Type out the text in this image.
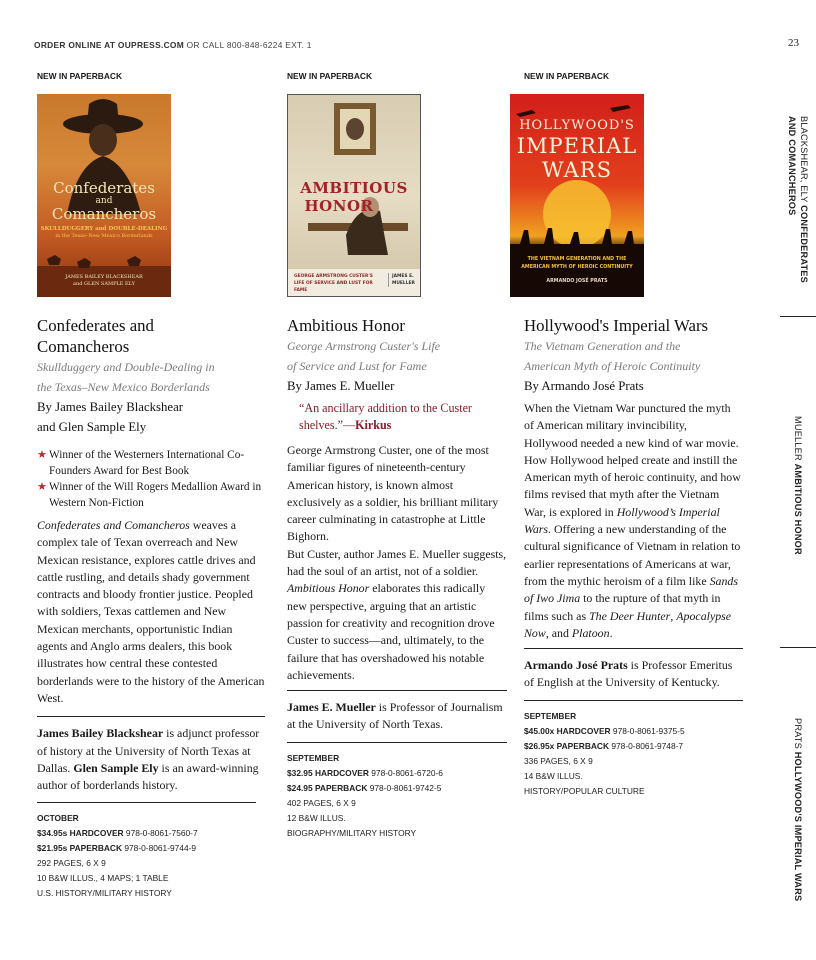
ORDER ONLINE AT OUPRESS.COM OR CALL 800-848-6224 EXT. 1	23
NEW IN PAPERBACK
Confederates
and
Comancheros
SKULLDUGGERY and DOUBLE-DEALING
in the Texas–New Mexico Borderlands
JAMES BAILEY BLACKSHEAR
and GLEN SAMPLE ELY
Confederates and
Comancheros
Skullduggery and Double-Dealing in
the Texas–New Mexico Borderlands
By James Bailey Blackshear
and Glen Sample Ely
★ Winner of the Westerners International Co-Founders Award for Best Book
★ Winner of the Will Rogers Medallion Award in Western Non-Fiction
Confederates and Comancheros weaves a complex tale of Texan overreach and New Mexican resistance, explores cattle drives and cattle rustling, and details shady government contracts and bloody frontier justice. Peopled with soldiers, Texas cattlemen and New Mexican merchants, opportunistic Indian agents and Anglo arms dealers, this book illustrates how central these contested borderlands were to the history of the American West.
James Bailey Blackshear is adjunct professor of history at the University of North Texas at Dallas. Glen Sample Ely is an award-winning author of borderlands history.
OCTOBER
$34.95s HARDCOVER 978-0-8061-7560-7
$21.95s PAPERBACK 978-0-8061-9744-9
292 PAGES, 6 X 9
10 B&W ILLUS., 4 MAPS; 1 TABLE
U.S. HISTORY/MILITARY HISTORY
NEW IN PAPERBACK
AMBITIOUS
HONOR
GEORGE ARMSTRONG CUSTER'S
LIFE OF SERVICE AND LUST FOR FAME
JAMES E.
MUELLER
Ambitious Honor
George Armstrong Custer's Life
of Service and Lust for Fame
By James E. Mueller
“An ancillary addition to the Custer shelves.”—Kirkus
George Armstrong Custer, one of the most familiar figures of nineteenth-century American history, is known almost exclusively as a soldier, his brilliant military career culminating in catastrophe at Little Bighorn.
But Custer, author James E. Mueller suggests, had the soul of an artist, not of a soldier. Ambitious Honor elaborates this radically new perspective, arguing that an artistic passion for creativity and recognition drove Custer to success—and, ultimately, to the failure that has overshadowed his notable achievements.
James E. Mueller is Professor of Journalism at the University of North Texas.
SEPTEMBER
$32.95 HARDCOVER 978-0-8061-6720-6
$24.95 PAPERBACK 978-0-8061-9742-5
402 PAGES, 6 X 9
12 B&W ILLUS.
BIOGRAPHY/MILITARY HISTORY
NEW IN PAPERBACK
HOLLYWOOD'S
IMPERIAL
WARS
THE VIETNAM GENERATION AND THE
AMERICAN MYTH OF HEROIC CONTINUITY
ARMANDO JOSÉ PRATS
Hollywood's Imperial Wars
The Vietnam Generation and the
American Myth of Heroic Continuity
By Armando José Prats
When the Vietnam War punctured the myth of American military invincibility, Hollywood needed a new kind of war movie. How Hollywood helped create and instill the American myth of heroic continuity, and how films revised that myth after the Vietnam War, is explored in Hollywood’s Imperial Wars. Offering a new understanding of the cultural significance of Vietnam in relation to earlier representations of Americans at war, from the mythic heroism of a film like Sands of Iwo Jima to the rupture of that myth in films such as The Deer Hunter, Apocalypse Now, and Platoon.
Armando José Prats is Professor Emeritus of English at the University of Kentucky.
SEPTEMBER
$45.00x HARDCOVER 978-0-8061-9375-5
$26.95x PAPERBACK 978-0-8061-9748-7
336 PAGES, 6 X 9
14 B&W ILLUS.
HISTORY/POPULAR CULTURE
BLACKSHEAR, ELY CONFEDERATES
AND COMANCHEROS
MUELLER AMBITIOUS HONOR
PRATS HOLLYWOOD'S IMPERIAL WARS
